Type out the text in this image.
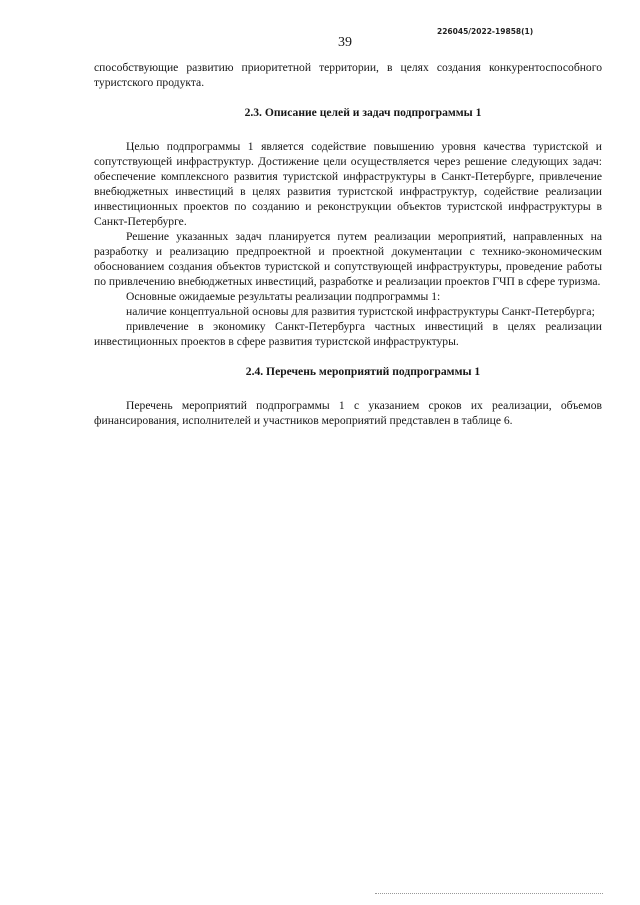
226045/2022-19858(1)
39

способствующие развитию приоритетной территории, в целях создания конкурентоспособного туристского продукта.

2.3. Описание целей и задач подпрограммы 1

Целью подпрограммы 1 является содействие повышению уровня качества туристской и сопутствующей инфраструктур. Достижение цели осуществляется через решение следующих задач: обеспечение комплексного развития туристской инфраструктуры в Санкт-Петербурге, привлечение внебюджетных инвестиций в целях развития туристской инфраструктур, содействие реализации инвестиционных проектов по созданию и реконструкции объектов туристской инфраструктуры в Санкт-Петербурге.

Решение указанных задач планируется путем реализации мероприятий, направленных на разработку и реализацию предпроектной и проектной документации с технико-экономическим обоснованием создания объектов туристской и сопутствующей инфраструктуры, проведение работы по привлечению внебюджетных инвестиций, разработке и реализации проектов ГЧП в сфере туризма.

Основные ожидаемые результаты реализации подпрограммы 1:

наличие концептуальной основы для развития туристской инфраструктуры Санкт-Петербурга;

привлечение в экономику Санкт-Петербурга частных инвестиций в целях реализации инвестиционных проектов в сфере развития туристской инфраструктуры.

2.4. Перечень мероприятий подпрограммы 1

Перечень мероприятий подпрограммы 1 с указанием сроков их реализации, объемов финансирования, исполнителей и участников мероприятий представлен в таблице 6.
